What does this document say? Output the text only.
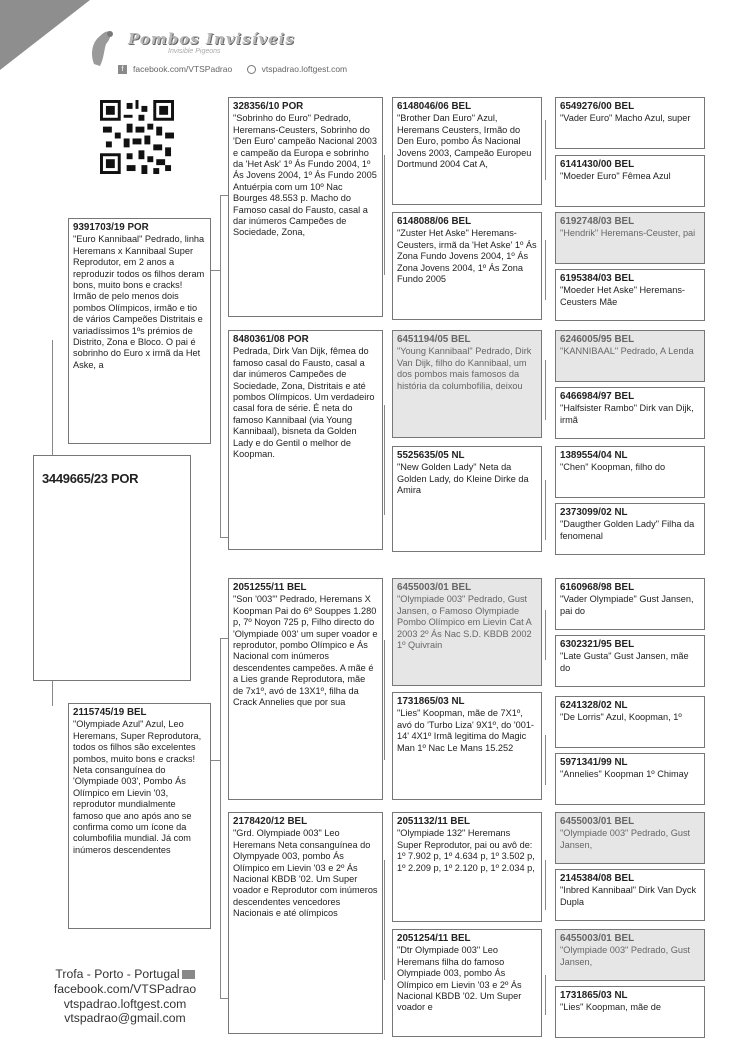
Pombos Invisíveis
Invisible Pigeons
f facebook.com/VTSPadrao	vtspadrao.loftgest.com
3449665/23 POR
9391703/19 POR
"Euro Kannibaal" Pedrado, linha Heremans x Kannibaal Super Reprodutor, em 2 anos a reproduzir todos os filhos deram bons, muito bons e cracks! Irmão de pelo menos dois pombos Olímpicos, irmão e tio de vários Campeões Distritais e variadíssimos 1ºs prémios de Distrito, Zona e Bloco. O pai é sobrinho do Euro x irmã da Het Aske, a
2115745/19 BEL
"Olympiade Azul" Azul, Leo Heremans, Super Reprodutora, todos os filhos são excelentes pombos, muito bons e cracks! Neta consanguínea do 'Olympiade 003', Pombo Ás Olímpico em Lievin '03, reprodutor mundialmente famoso que ano após ano se confirma como um ícone da columbofilia mundial. Já com inúmeros descendentes
328356/10 POR
"Sobrinho do Euro" Pedrado, Heremans-Ceusters, Sobrinho do 'Den Euro' campeão Nacional 2003 e campeão da Europa e sobrinho da 'Het Ask' 1º Ás Fundo 2004, 1º Ás Jovens 2004, 1º Ás Fundo 2005 Antuérpia com um 10º Nac Bourges 48.553 p. Macho do Famoso casal do Fausto, casal a dar inúmeros Campeões de Sociedade, Zona,
8480361/08 POR
Pedrada, Dirk Van Dijk, fêmea do famoso casal do Fausto, casal a dar inúmeros Campeões de Sociedade, Zona, Distritais e até pombos Olímpicos. Um verdadeiro casal fora de série. É neta do famoso Kannibaal (via Young Kannibaal), bisneta da Golden Lady e do Gentil o melhor de Koopman.
2051255/11 BEL
"Son '003'" Pedrado, Heremans X Koopman Pai do 6º Souppes 1.280 p, 7º Noyon 725 p, Filho directo do 'Olympiade 003' um super voador e reprodutor, pombo Olímpico e Ás Nacional com inúmeros descendentes campeões. A mãe é a Lies grande Reprodutora, mãe de 7x1º, avó de 13X1º, filha da Crack Annelies que por sua
2178420/12 BEL
"Grd. Olympiade 003" Leo Heremans Neta consanguínea do Olympyade 003, pombo Ás Olímpico em Lievin '03 e 2º Ás Nacional KBDB '02. Um Super voador e Reprodutor com inúmeros descendentes vencedores Nacionais e até olímpicos
6148046/06 BEL
"Brother Dan Euro" Azul, Heremans Ceusters, Irmão do Den Euro, pombo Ás Nacional Jovens 2003, Campeão Europeu Dortmund 2004 Cat A,
6148088/06 BEL
"Zuster Het Aske" Heremans-Ceusters, irmã da 'Het Aske' 1º Ás Zona Fundo Jovens 2004, 1º Ás Zona Jovens 2004, 1º Ás Zona Fundo 2005
6451194/05 BEL
"Young Kannibaal" Pedrado, Dirk Van Dijk, filho do Kannibaal, um dos pombos mais famosos da história da columbofilia, deixou
5525635/05 NL
"New Golden Lady" Neta da Golden Lady, do Kleine Dirke da Amira
6455003/01 BEL
"Olympiade 003" Pedrado, Gust Jansen, o Famoso Olympiade Pombo Olímpico em Lievin Cat A 2003 2º Ás Nac S.D. KBDB 2002 1º Quivrain
1731865/03 NL
"Lies" Koopman, mãe de 7X1º, avó do 'Turbo Liza' 9X1º, do '001-14' 4X1º Irmã legitima do Magic Man 1º Nac Le Mans 15.252
2051132/11 BEL
"Olympiade 132" Heremans Super Reprodutor, pai ou avô de: 1º 7.902 p, 1º 4.634 p, 1º 3.502 p, 1º 2.209 p, 1º 2.120 p, 1º 2.034 p,
2051254/11 BEL
"Dtr Olympiade 003" Leo Heremans filha do famoso Olympiade 003, pombo Ás Olímpico em Lievin '03 e 2º Ás Nacional KBDB '02. Um Super voador e
6549276/00 BEL
"Vader Euro" Macho Azul, super
6141430/00 BEL
"Moeder Euro" Fêmea Azul
6192748/03 BEL
"Hendrik" Heremans-Ceuster, pai
6195384/03 BEL
"Moeder Het Aske" Heremans-Ceusters Mãe
6246005/95 BEL
"KANNIBAAL" Pedrado, A Lenda
6466984/97 BEL
"Halfsister Rambo" Dirk van Dijk, irmã
1389554/04 NL
"Chen" Koopman, filho do
2373099/02 NL
"Daugther Golden Lady" Filha da fenomenal
6160968/98 BEL
"Vader Olympiade" Gust Jansen, pai do
6302321/95 BEL
"Late Gusta" Gust Jansen, mãe do
6241328/02 NL
"De Lorris" Azul, Koopman, 1º
5971341/99 NL
"Annelies" Koopman 1º Chimay
6455003/01 BEL
"Olympiade 003" Pedrado, Gust Jansen,
2145384/08 BEL
"Inbred Kannibaal" Dirk Van Dyck Dupla
6455003/01 BEL
"Olympiade 003" Pedrado, Gust Jansen,
1731865/03 NL
"Lies" Koopman, mãe de
Trofa - Porto - Portugal
facebook.com/VTSPadrao
vtspadrao.loftgest.com
vtspadrao@gmail.com
